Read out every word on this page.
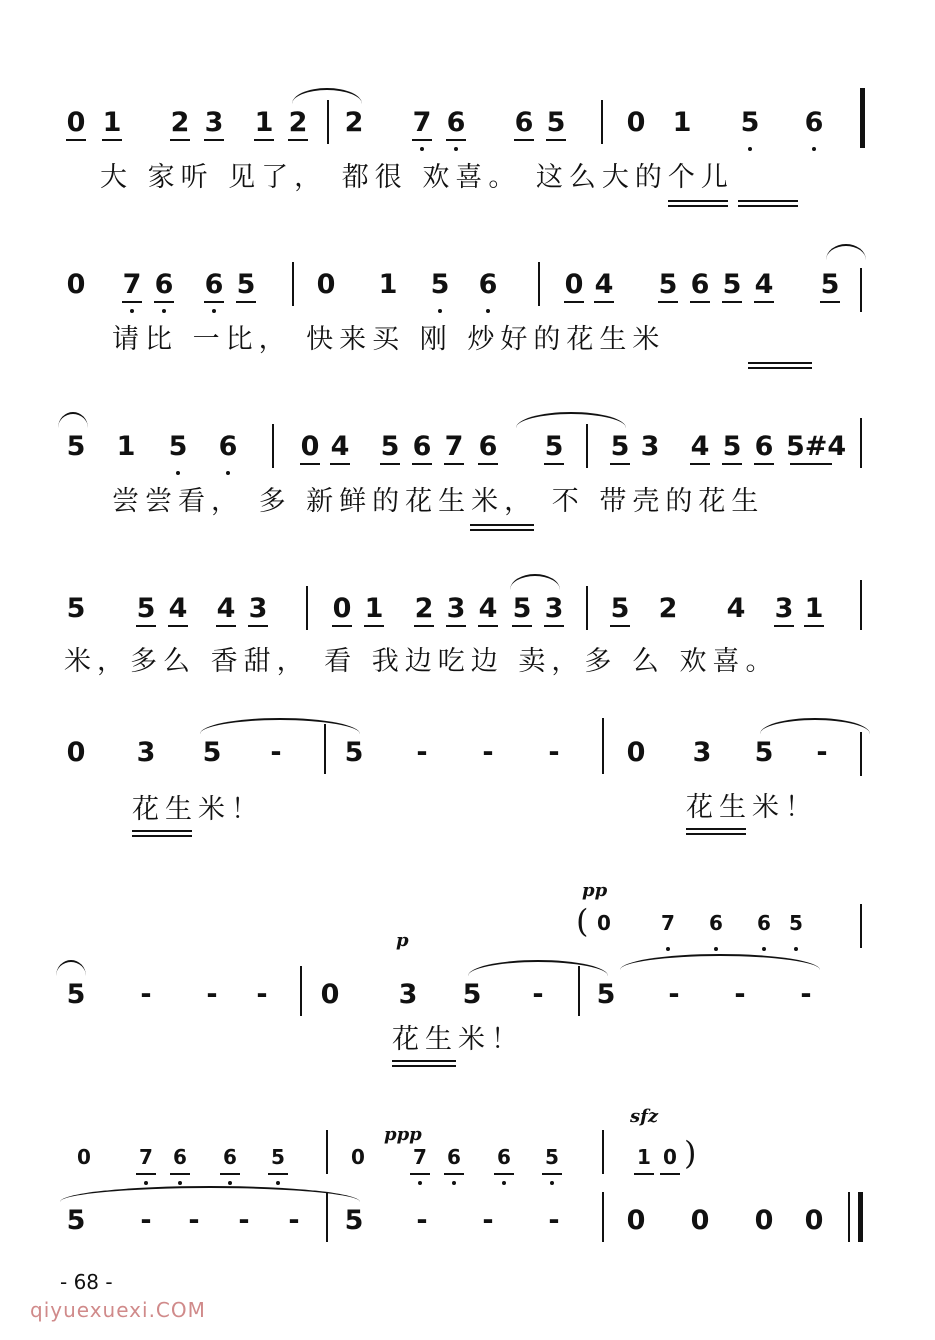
0 1 2 3 1 2 2 7 6 6 5 0 1 5 6
大 家听 见了， 都很 欢喜。 这么大的个儿
0 7 6 6 5 0 1 5 6 0 4 5 6 5 4 5
请比 一比， 快来买 刚 炒好的花生米
5 1 5 6 0 4 5 6 7 6 5 5 3 4 5 6 5#4
尝尝看， 多 新鲜的花生米， 不 带壳的花生
5 5 4 4 3 0 1 2 3 4 5 3 5 2 4 3 1
米，多么 香甜， 看 我边吃边 卖，多 么 欢喜。
0 3 5	-	5	-	-	-	0 3 5	-
花生米！	花生米！
pp
( 0	7	6	6 5
p
5	-	-	-	0 3 5	-	5	-	-	-
花生米！
ppp
sfz
0	7	6	6	5	0	7	6	6	5	1 0 )
5	-	-	-	-	5	-	-	-	0 0 0 0
- 68 -
qiyuexuexi.COM
